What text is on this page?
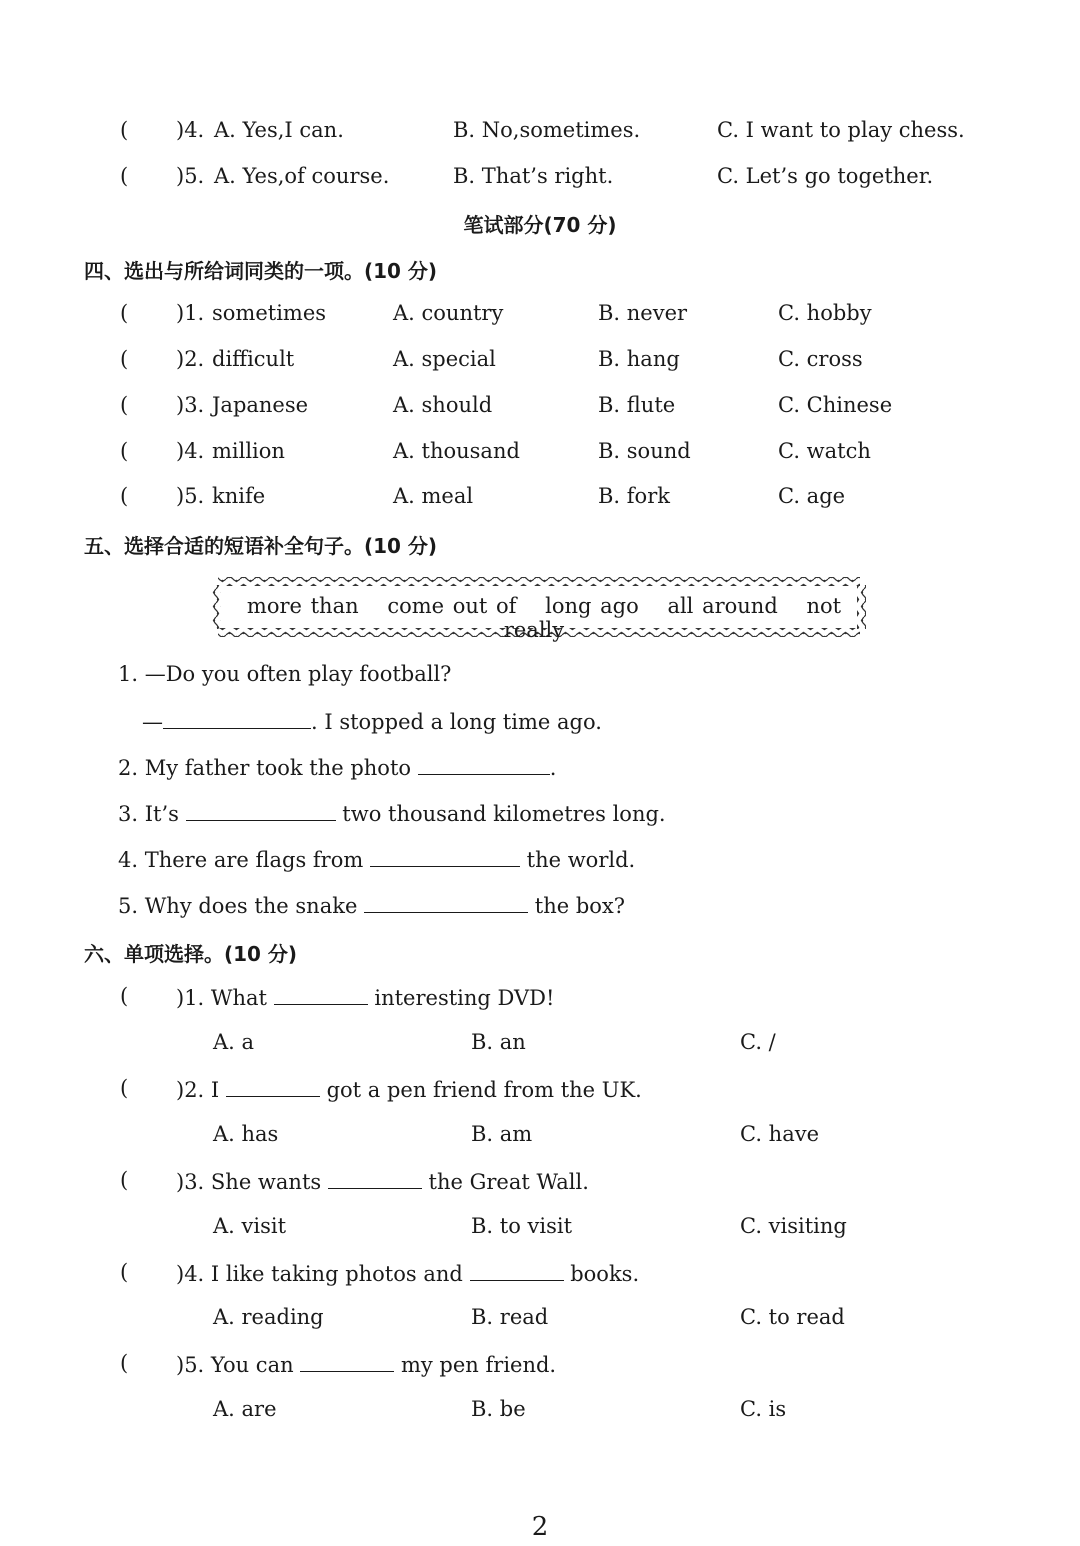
( )4. A. Yes,I can.	B. No,sometimes.	C. I want to play chess.
( )5. A. Yes,of course.	B. That’s right.	C. Let’s go together.
笔试部分(70 分)
四、选出与所给词同类的一项。(10 分)
( )1. sometimes	A. country	B. never	C. hobby
( )2. difficult	A. special	B. hang	C. cross
( )3. Japanese	A. should	B. flute	C. Chinese
( )4. million	A. thousand	B. sound	C. watch
( )5. knife	A. meal	B. fork	C. age
五、选择合适的短语补全句子。(10 分)
more than come out of long ago all around not really
1. —Do you often play football?
—	. I stopped a long time ago.
2. My father took the photo	.
3. It’s	two thousand kilometres long.
4. There are flags from	the world.
5. Why does the snake	the box?
六、单项选择。(10 分)
( )1. What	interesting DVD!
A. a	B. an	C. /
( )2. I	got a pen friend from the UK.
A. has	B. am	C. have
( )3. She wants	the Great Wall.
A. visit	B. to visit	C. visiting
( )4. I like taking photos and	books.
A. reading	B. read	C. to read
( )5. You can	my pen friend.
A. are	B. be	C. is
2
